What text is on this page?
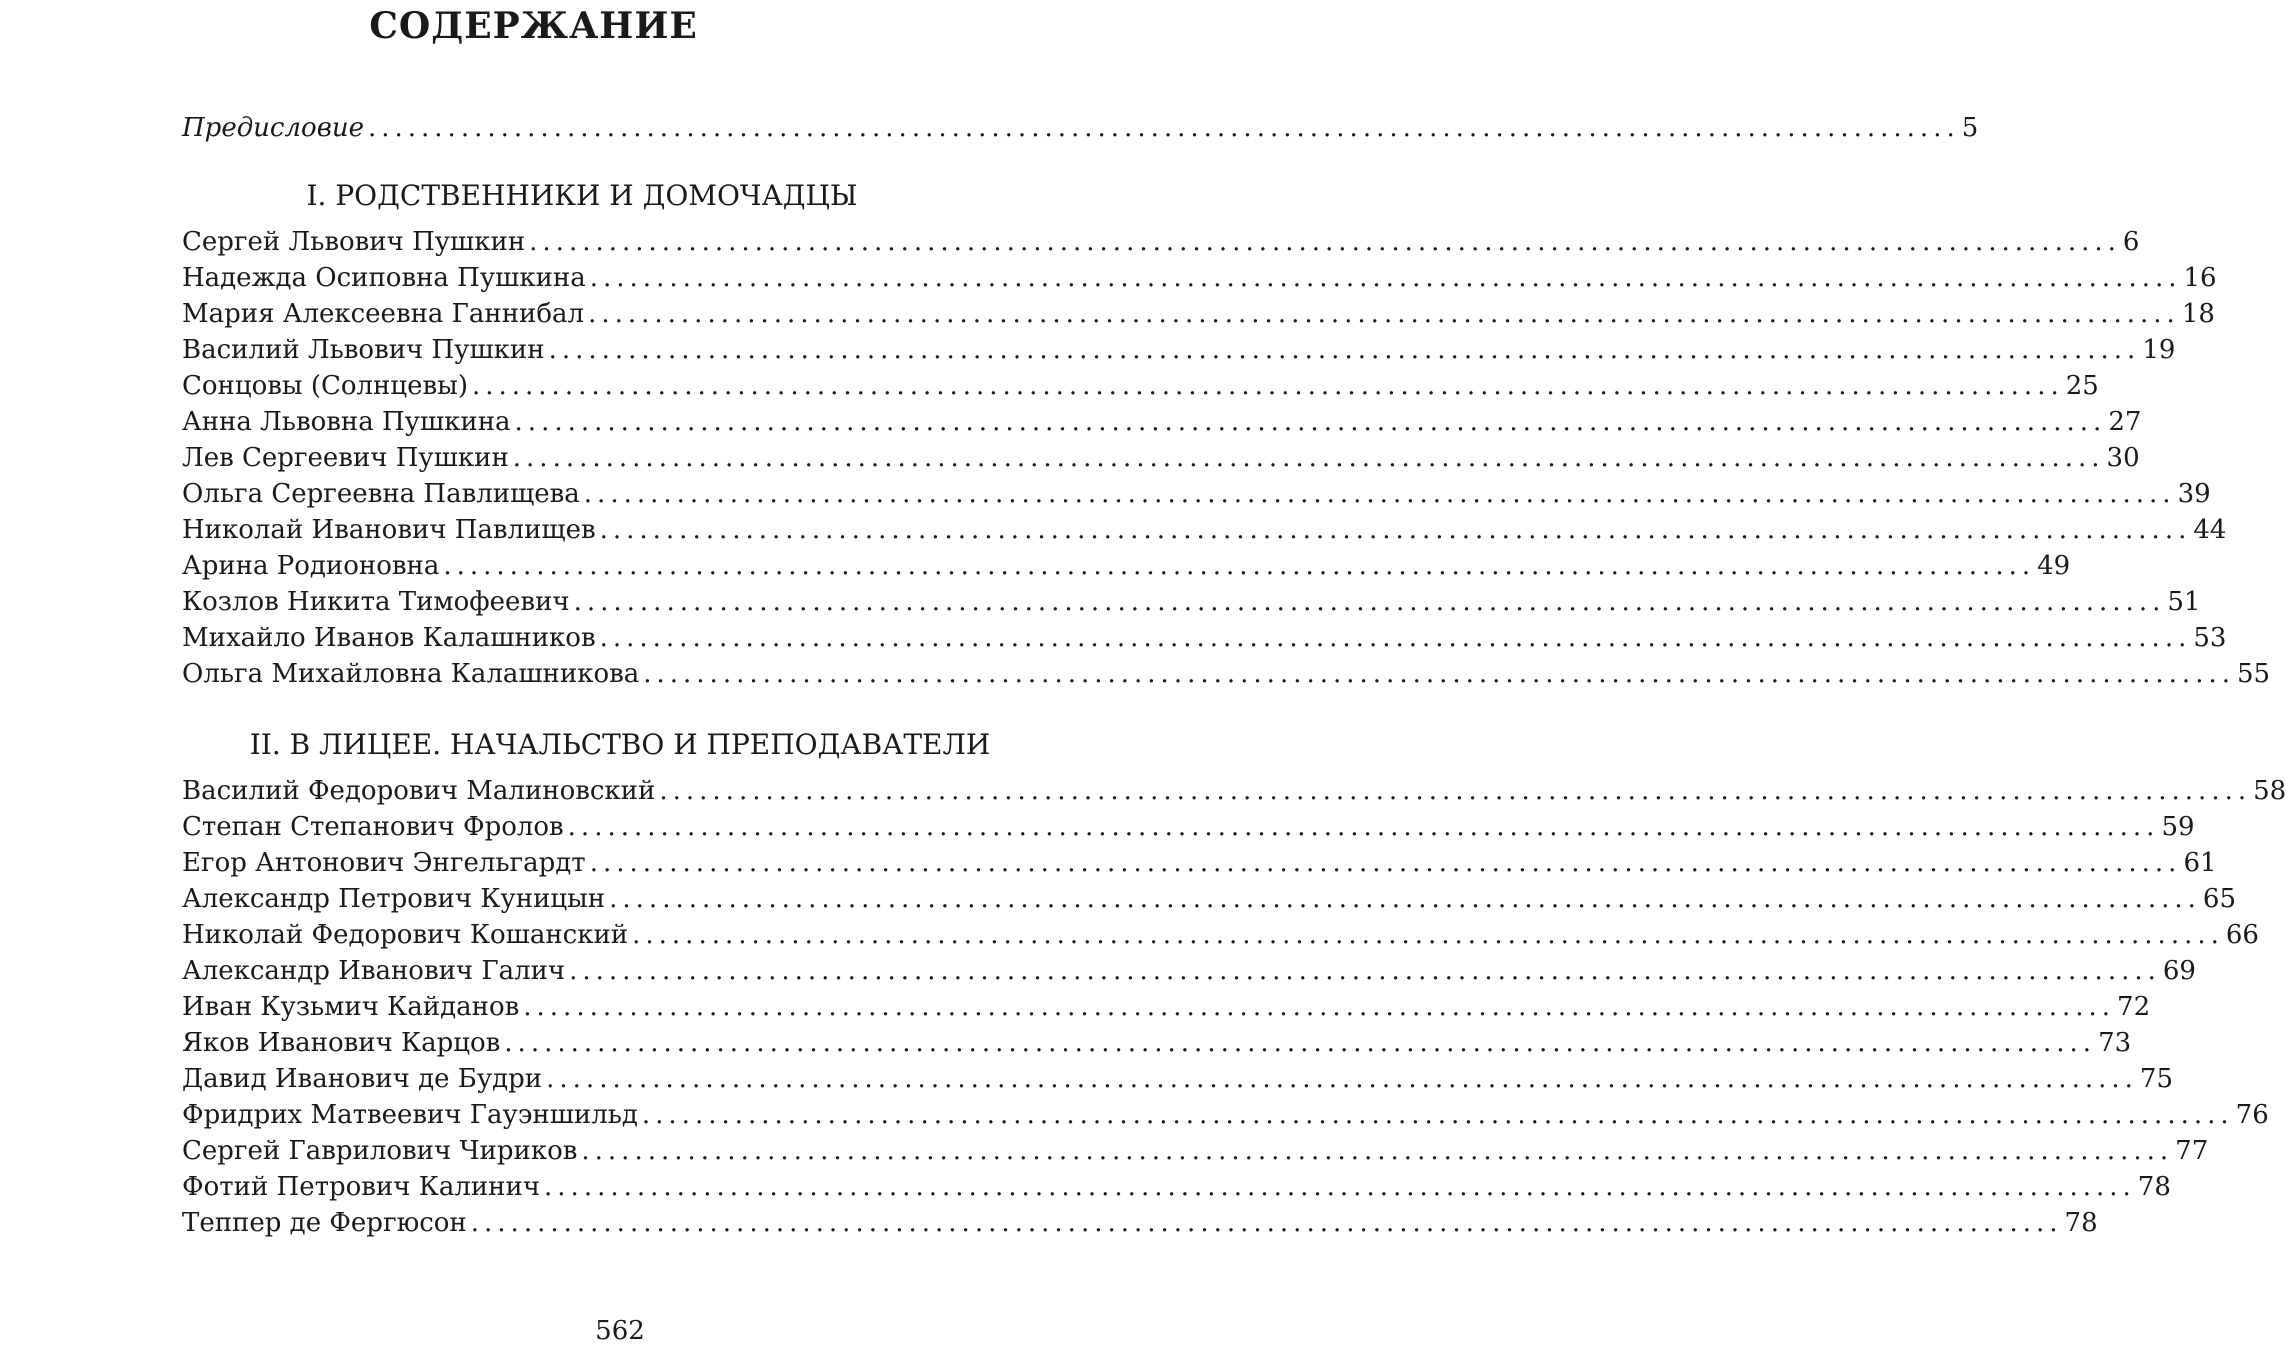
СОДЕРЖАНИЕ
Предисловие ........................................................................................................................ 5
I. РОДСТВЕННИКИ И ДОМОЧАДЦЫ
Сергей Львович Пушкин ........................................................................................................................ 6
Надежда Осиповна Пушкина ........................................................................................................................ 16
Мария Алексеевна Ганнибал ........................................................................................................................ 18
Василий Львович Пушкин ........................................................................................................................ 19
Сонцовы (Солнцевы) ........................................................................................................................ 25
Анна Львовна Пушкина ........................................................................................................................ 27
Лев Сергеевич Пушкин ........................................................................................................................ 30
Ольга Сергеевна Павлищева ........................................................................................................................ 39
Николай Иванович Павлищев ........................................................................................................................ 44
Арина Родионовна ........................................................................................................................ 49
Козлов Никита Тимофеевич ........................................................................................................................ 51
Михайло Иванов Калашников ........................................................................................................................ 53
Ольга Михайловна Калашникова ........................................................................................................................ 55
II. В ЛИЦЕЕ. НАЧАЛЬСТВО И ПРЕПОДАВАТЕЛИ
Василий Федорович Малиновский ........................................................................................................................ 58
Степан Степанович Фролов ........................................................................................................................ 59
Егор Антонович Энгельгардт ........................................................................................................................ 61
Александр Петрович Куницын ........................................................................................................................ 65
Николай Федорович Кошанский ........................................................................................................................ 66
Александр Иванович Галич ........................................................................................................................ 69
Иван Кузьмич Кайданов ........................................................................................................................ 72
Яков Иванович Карцов ........................................................................................................................ 73
Давид Иванович де Будри ........................................................................................................................ 75
Фридрих Матвеевич Гауэншильд ........................................................................................................................ 76
Сергей Гаврилович Чириков ........................................................................................................................ 77
Фотий Петрович Калинич ........................................................................................................................ 78
Теппер де Фергюсон ........................................................................................................................ 78
562
